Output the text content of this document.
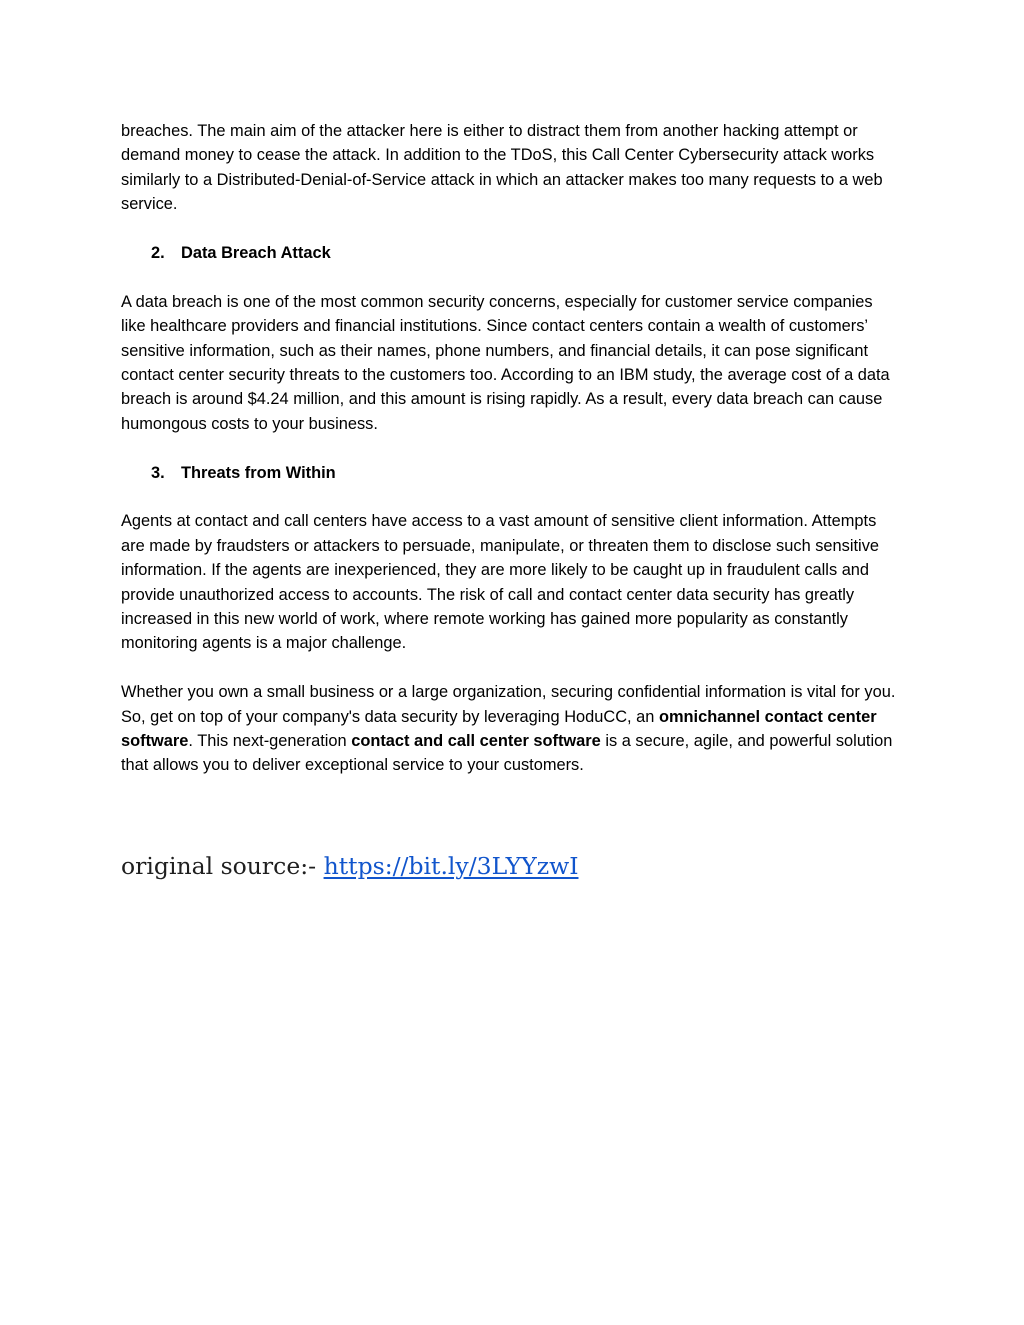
breaches. The main aim of the attacker here is either to distract them from another hacking attempt or demand money to cease the attack. In addition to the TDoS, this Call Center Cybersecurity attack works similarly to a Distributed-Denial-of-Service attack in which an attacker makes too many requests to a web service.

2. Data Breach Attack

A data breach is one of the most common security concerns, especially for customer service companies like healthcare providers and financial institutions. Since contact centers contain a wealth of customers’ sensitive information, such as their names, phone numbers, and financial details, it can pose significant contact center security threats to the customers too. According to an IBM study, the average cost of a data breach is around $4.24 million, and this amount is rising rapidly. As a result, every data breach can cause humongous costs to your business.

3. Threats from Within

Agents at contact and call centers have access to a vast amount of sensitive client information. Attempts are made by fraudsters or attackers to persuade, manipulate, or threaten them to disclose such sensitive information. If the agents are inexperienced, they are more likely to be caught up in fraudulent calls and provide unauthorized access to accounts. The risk of call and contact center data security has greatly increased in this new world of work, where remote working has gained more popularity as constantly monitoring agents is a major challenge.

Whether you own a small business or a large organization, securing confidential information is vital for you.  So, get on top of your company's data security by leveraging HoduCC, an omnichannel contact center software. This next-generation contact and call center software is a secure, agile, and powerful solution that allows you to deliver exceptional service to your customers.

original source:- https://bit.ly/3LYYzwI
